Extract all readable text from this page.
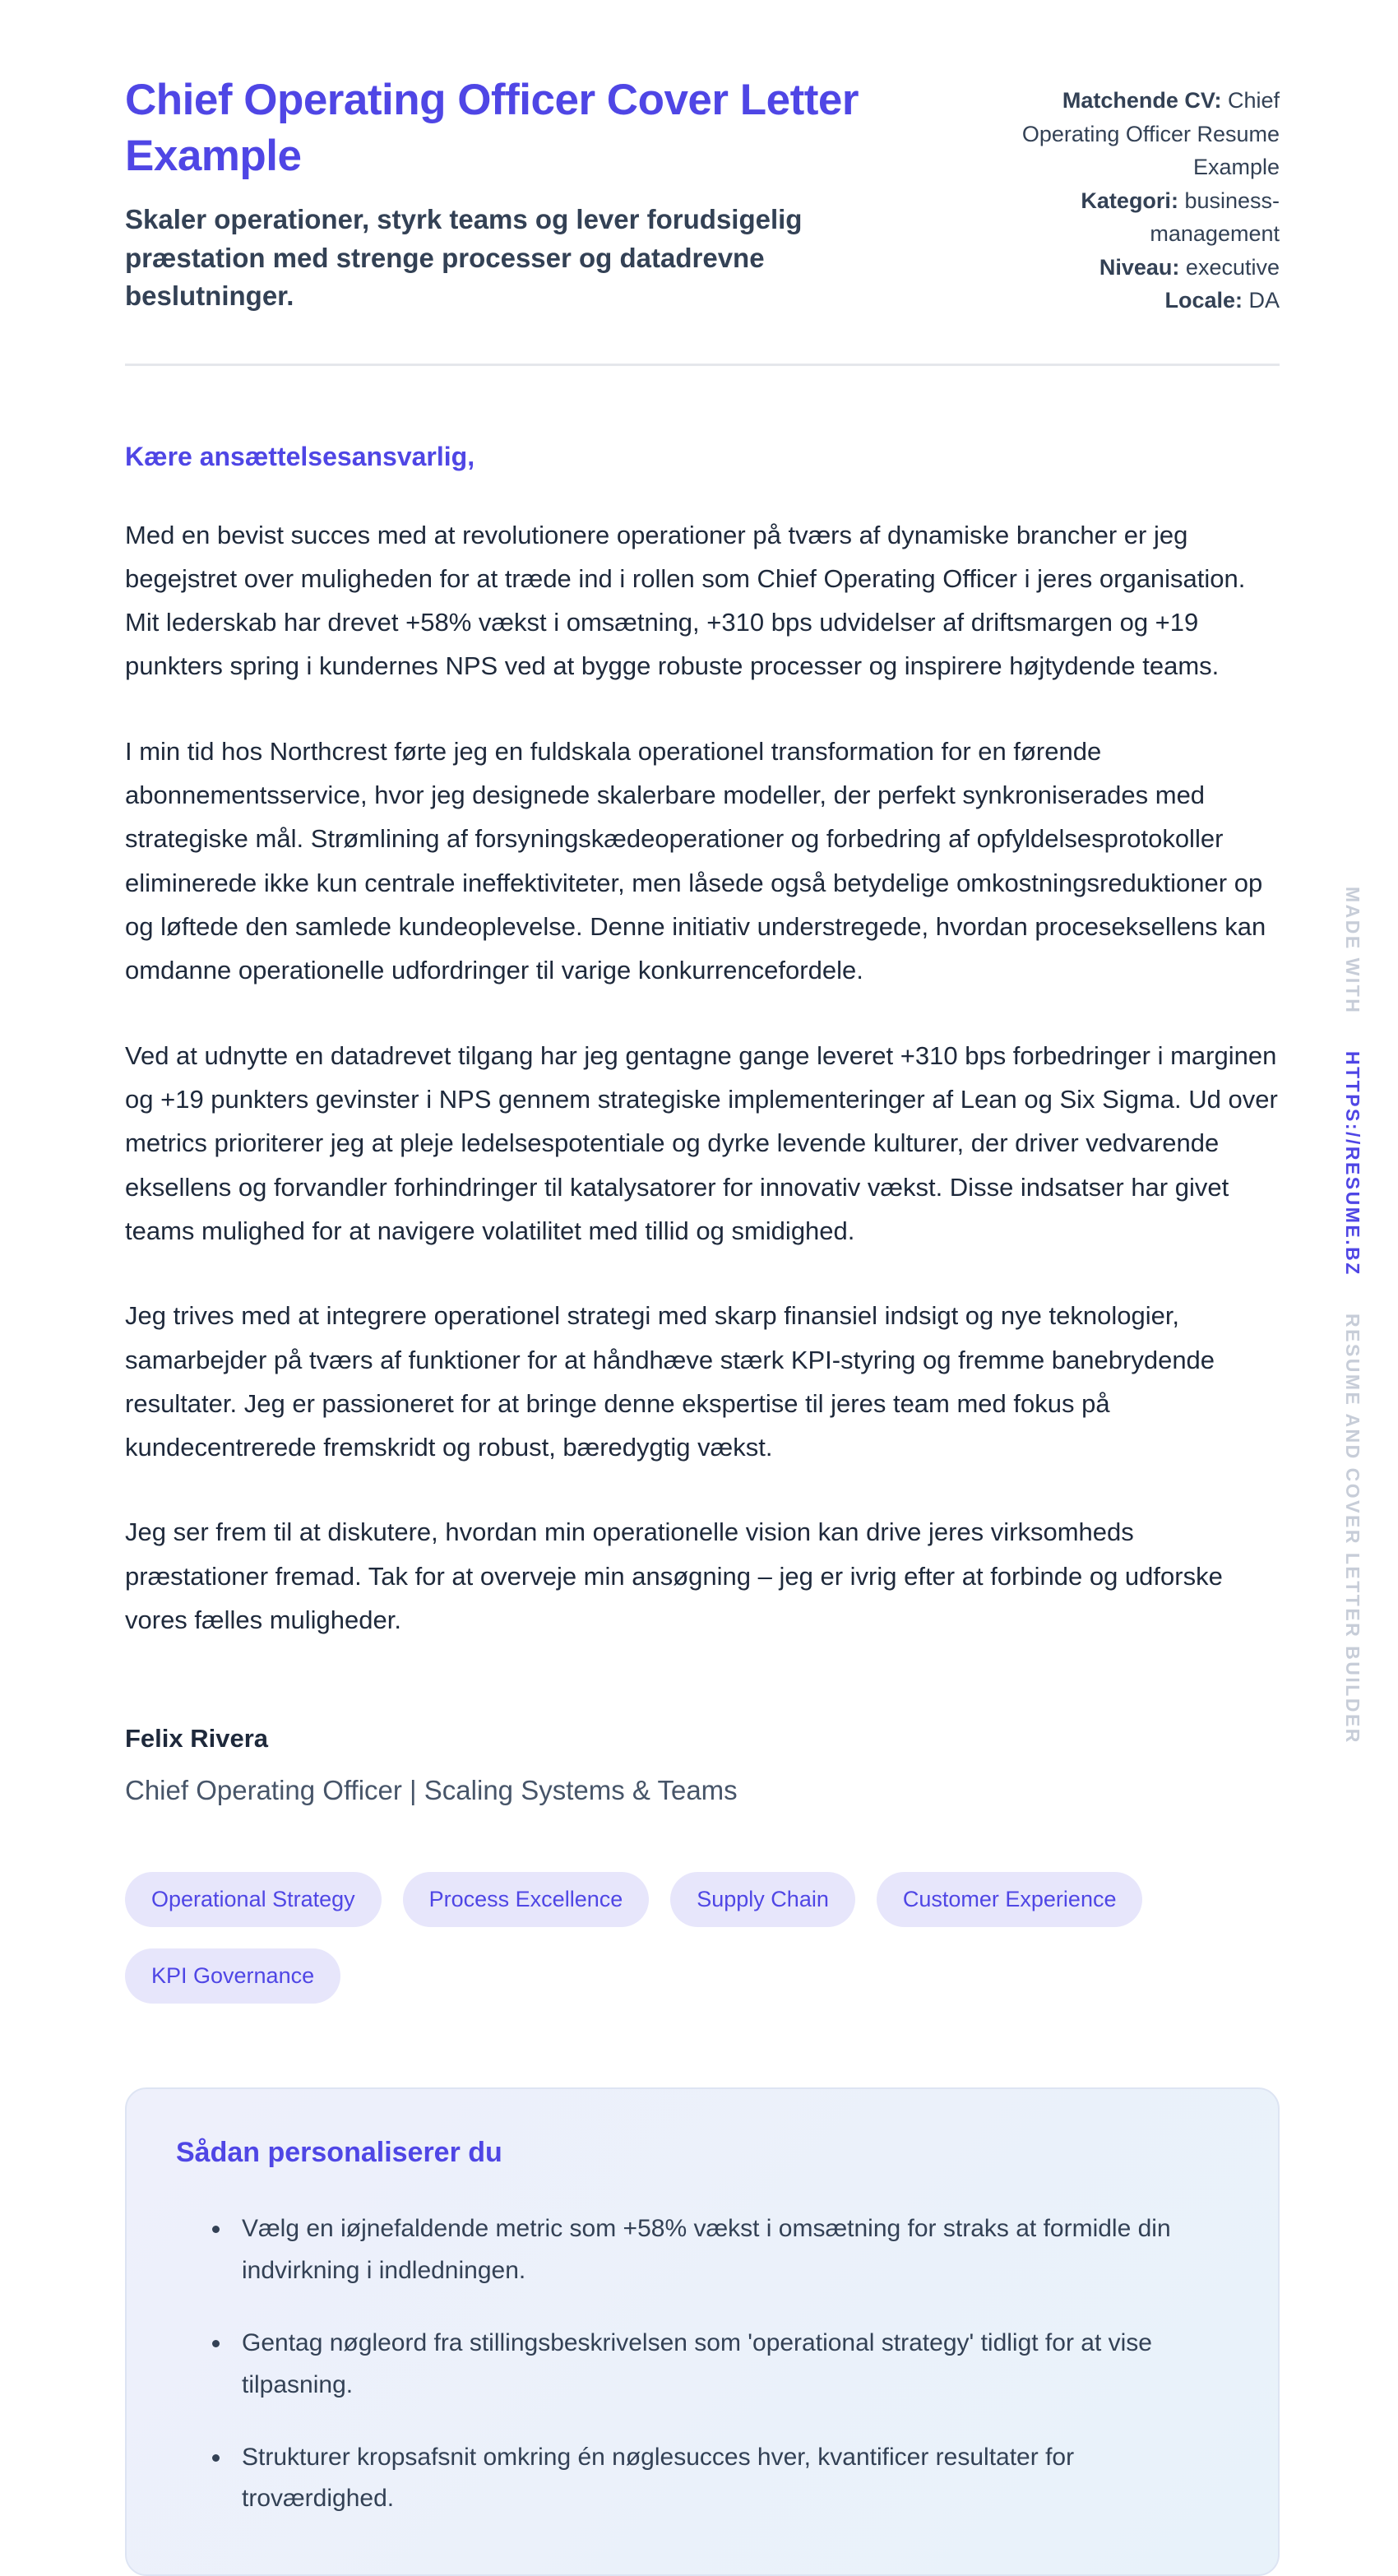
Chief Operating Officer Cover Letter Example

Skaler operationer, styrk teams og lever forudsigelig præstation med strenge processer og datadrevne beslutninger.

Matchende CV: Chief Operating Officer Resume Example

Kategori: business-management

Niveau: executive

Locale: DA

Kære ansættelsesansvarlig,

Med en bevist succes med at revolutionere operationer på tværs af dynamiske brancher er jeg begejstret over muligheden for at træde ind i rollen som Chief Operating Officer i jeres organisation. Mit lederskab har drevet +58% vækst i omsætning, +310 bps udvidelser af driftsmargen og +19 punkters spring i kundernes NPS ved at bygge robuste processer og inspirere højtydende teams.

I min tid hos Northcrest førte jeg en fuldskala operationel transformation for en førende abonnementsservice, hvor jeg designede skalerbare modeller, der perfekt synkroniserades med strategiske mål. Strømlining af forsyningskædeoperationer og forbedring af opfyldelsesprotokoller eliminerede ikke kun centrale ineffektiviteter, men låsede også betydelige omkostningsreduktioner op og løftede den samlede kundeoplevelse. Denne initiativ understregede, hvordan proceseksellens kan omdanne operationelle udfordringer til varige konkurrencefordele.

Ved at udnytte en datadrevet tilgang har jeg gentagne gange leveret +310 bps forbedringer i marginen og +19 punkters gevinster i NPS gennem strategiske implementeringer af Lean og Six Sigma. Ud over metrics prioriterer jeg at pleje ledelsespotentiale og dyrke levende kulturer, der driver vedvarende eksellens og forvandler forhindringer til katalysatorer for innovativ vækst. Disse indsatser har givet teams mulighed for at navigere volatilitet med tillid og smidighed.

Jeg trives med at integrere operationel strategi med skarp finansiel indsigt og nye teknologier, samarbejder på tværs af funktioner for at håndhæve stærk KPI-styring og fremme banebrydende resultater. Jeg er passioneret for at bringe denne ekspertise til jeres team med fokus på kundecentrerede fremskridt og robust, bæredygtig vækst.

Jeg ser frem til at diskutere, hvordan min operationelle vision kan drive jeres virksomheds præstationer fremad. Tak for at overveje min ansøgning – jeg er ivrig efter at forbinde og udforske vores fælles muligheder.

Felix Rivera

Chief Operating Officer | Scaling Systems & Teams

Operational Strategy	Process Excellence	Supply Chain	Customer Experience
KPI Governance
Sådan personaliserer du
• Vælg en iøjnefaldende metric som +58% vækst i omsætning for straks at formidle din indvirkning i indledningen.
• Gentag nøgleord fra stillingsbeskrivelsen som 'operational strategy' tidligt for at vise tilpasning.
• Strukturer kropsafsnit omkring én nøglesucces hver, kvantificer resultater for troværdighed.
MADE WITH HTTPS://RESUME.BZ RESUME AND COVER LETTER BUILDER
